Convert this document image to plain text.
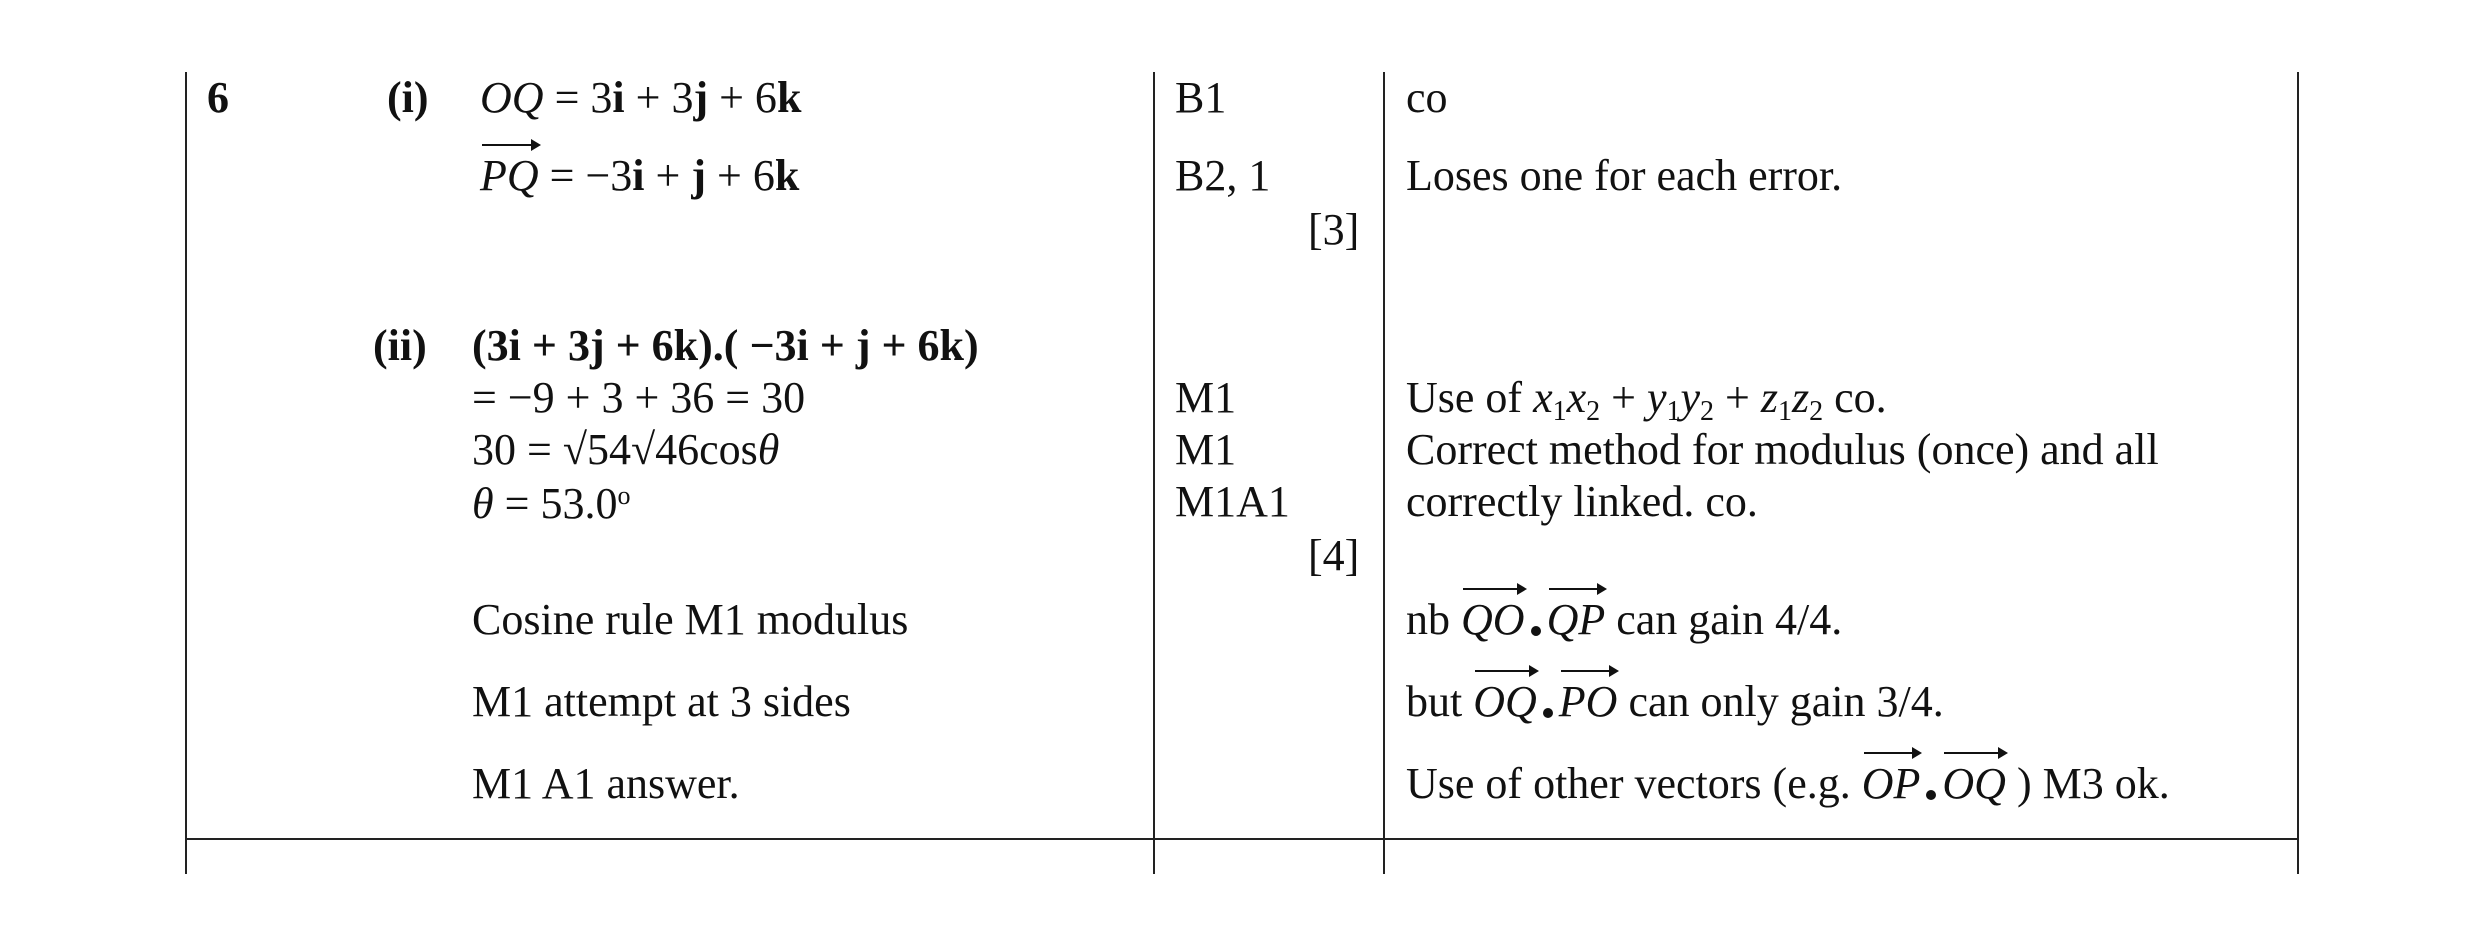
6	(i) OQ = 3i + 3j + 6k
PQ = −3i + j + 6k
(ii) (3i + 3j + 6k).( −3i + j + 6k)
= −9 + 3 + 36 = 30
30 = √54√46cosθ
$\theta = 53.0^o$
Cosine rule M1 modulus
M1 attempt at 3 sides
M1 A1 answer.
B1
B2, 1
[3]
M1
M1
M1A1
[4]
co
Loses one for each error.
Use of $x_1x_2 + y_1y_2 + z_1z_2$ co.
Correct method for modulus (once) and all
correctly linked. co.
nb
QO QP can gain 4/4.
but
OQ PO can only gain 3/4.
Use of other vectors (e.g.
OP OQ ) M3 ok.
